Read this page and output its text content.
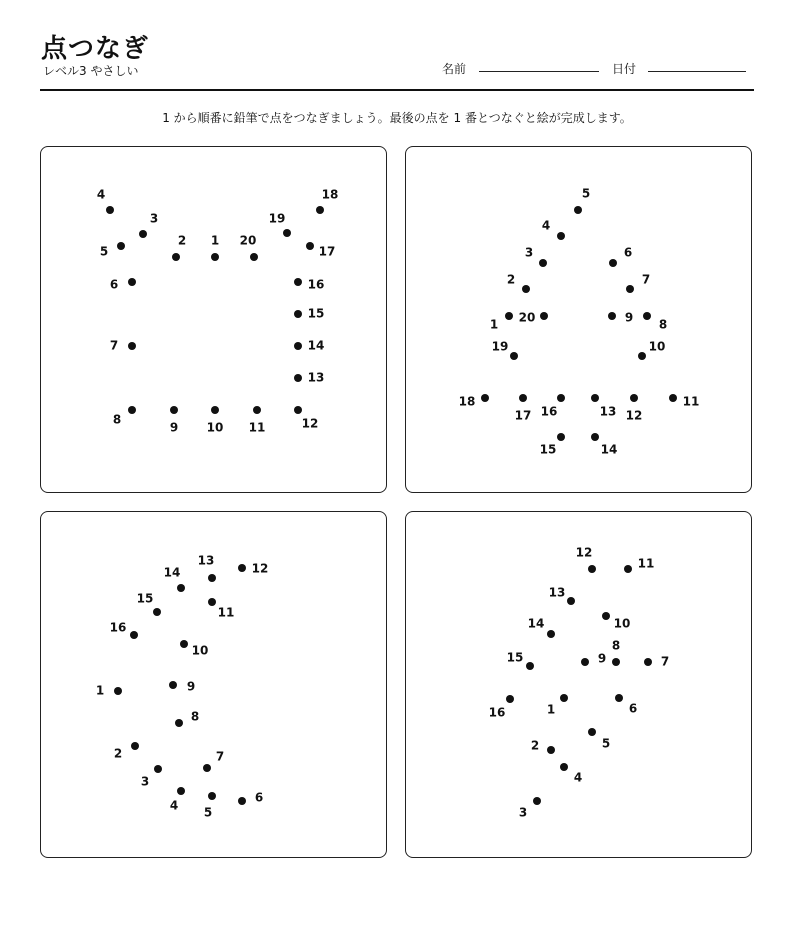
点つなぎ
レベル3 やさしい	名前	日付
1 から順番に鉛筆で点をつなぎましょう。最後の点を 1 番とつなぐと絵が完成します。
1
2
3
4
5
6
7
8
9 10 11	12
13
14
15
16
17
18
19
20
1
2
3
4
5
6
7
8
9
10
11
12
13
14
15
16
17
18
19
20
1
2
3
4 5
6
7
8
9
10
11
12
13
14
15
16
1
2
3
4
5
6
7
8
9
10
11
12
13
14
15
16
